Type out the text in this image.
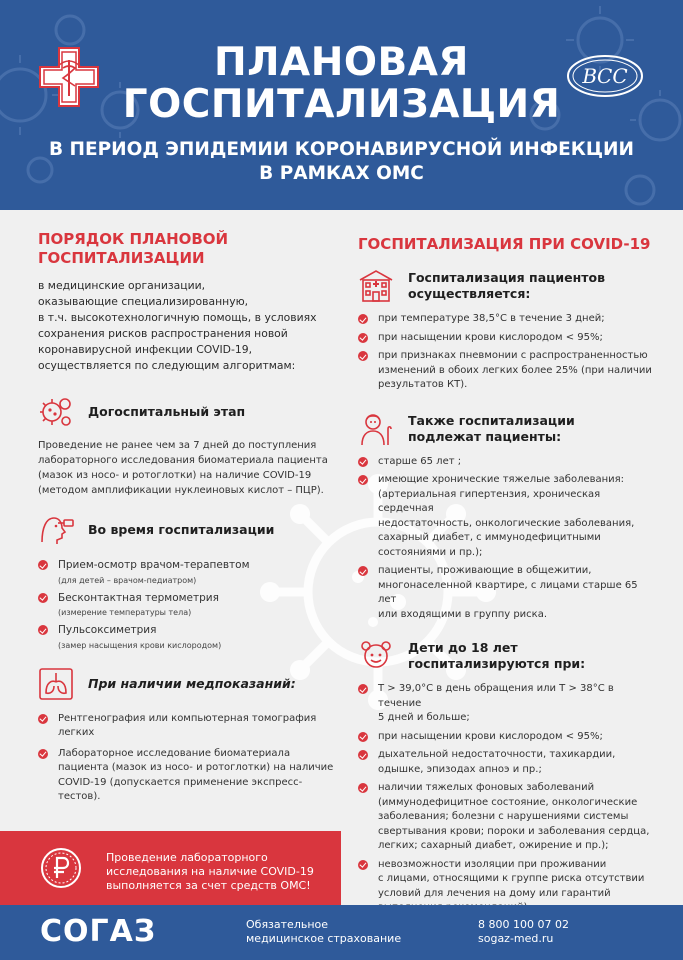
ПЛАНОВАЯ
ГОСПИТАЛИЗАЦИЯ
ВСС
В ПЕРИОД ЭПИДЕМИИ КОРОНАВИРУСНОЙ ИНФЕКЦИИ
В РАМКАХ ОМС
ПОРЯДОК ПЛАНОВОЙ
ГОСПИТАЛИЗАЦИИ
в медицинские организации,
оказывающие специализированную,
в т.ч. высокотехнологичную помощь, в условиях
сохранения рисков распространения новой
коронавирусной инфекции COVID-19,
осуществляется по следующим алгоритмам:
Догоспитальный этап
Проведение не ранее чем за 7 дней до поступления
лабораторного исследования биоматериала пациента
(мазок из носо- и ротоглотки) на наличие COVID-19
(методом амплификации нуклеиновых кислот – ПЦР).
Во время госпитализации
Прием-осмотр врачом-терапевтом
(для детей – врачом-педиатром)
Бесконтактная термометрия
(измерение температуры тела)
Пульсоксиметрия
(замер насыщения крови кислородом)
При наличии медпоказаний:
Рентгенография или компьютерная томография
легких
Лабораторное исследование биоматериала
пациента (мазок из носо- и ротоглотки) на наличие
COVID-19 (допускается применение экспресс-
тестов).
Проведение лабораторного
исследования на наличие COVID-19
выполняется за счет средств ОМС!
ГОСПИТАЛИЗАЦИЯ ПРИ COVID-19
Госпитализация пациентов
осуществляется:
при температуре 38,5°С в течение 3 дней;
при насыщении крови кислородом < 95%;
при признаках пневмонии с распространенностью
изменений в обоих легких более 25% (при наличии
результатов КТ).
Также госпитализации
подлежат пациенты:
старше 65 лет ;
имеющие хронические тяжелые заболевания:
(артериальная гипертензия, хроническая сердечная
недостаточность, онкологические заболевания,
сахарный диабет, с иммунодефицитными
состояниями и пр.);
пациенты, проживающие в общежитии,
многонаселенной квартире, с лицами старше 65 лет
или входящими в группу риска.
Дети до 18 лет
госпитализируются при:
Т > 39,0°С в день обращения или Т > 38°С в течение
5 дней и больше;
при насыщении крови кислородом < 95%;
дыхательной недостаточности, тахикардии,
одышке, эпизодах апноэ и пр.;
наличии тяжелых фоновых заболеваний
(иммунодефицитное состояние, онкологические
заболевания; болезни с нарушениями системы
свертывания крови; пороки и заболевания сердца,
легких; сахарный диабет, ожирение и пр.);
невозможности изоляции при проживании
с лицами, относящими к группе риска отсутствии
условий для лечения на дому или гарантий
СОГАЗ	Обязательное
медицинское страхование
8 800 100 07 02
sogaz-med.ru
